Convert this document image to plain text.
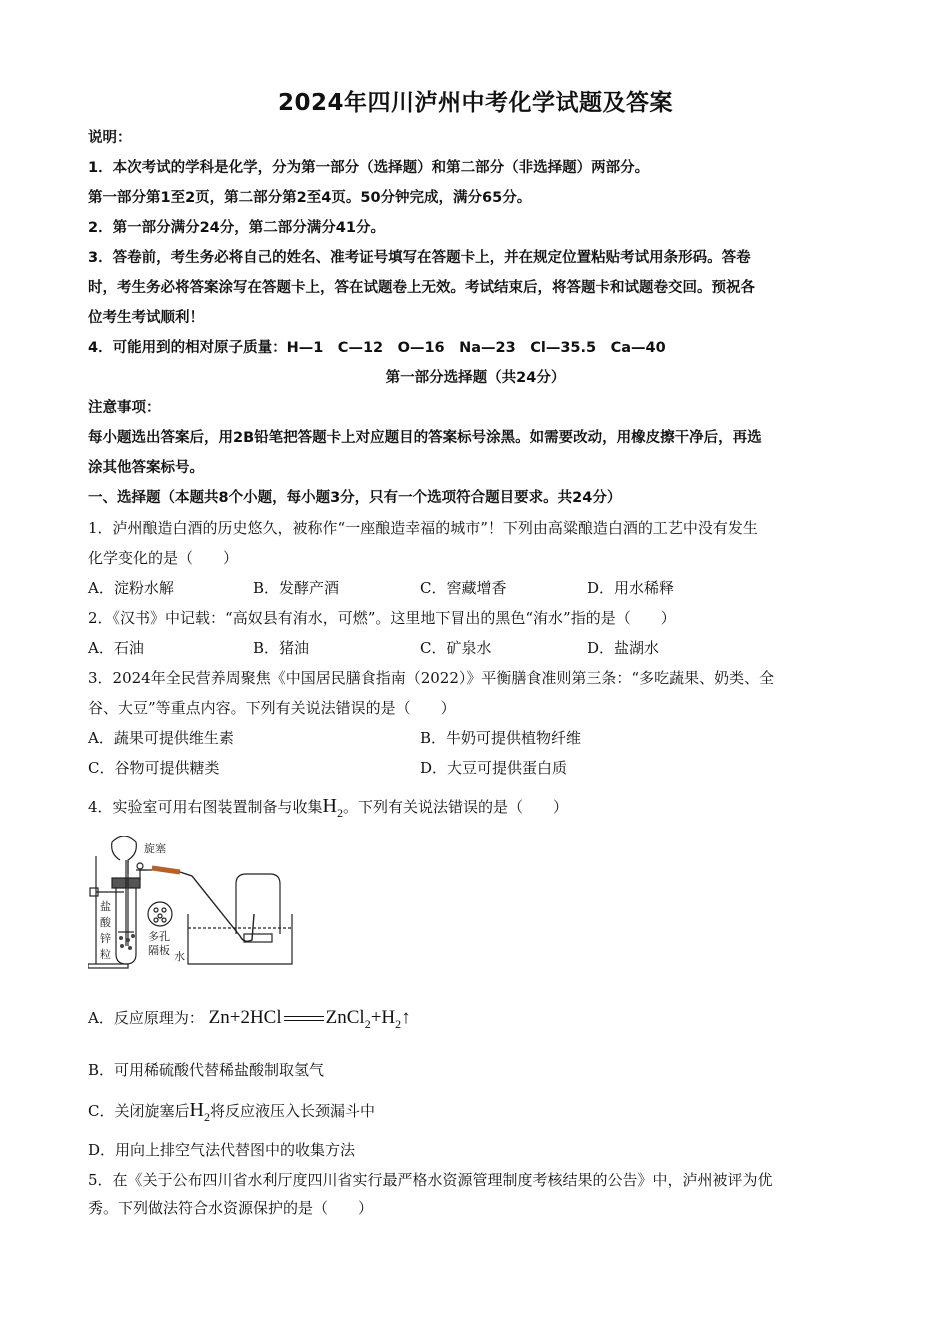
2024年四川泸州中考化学试题及答案
说明：
1．本次考试的学科是化学，分为第一部分（选择题）和第二部分（非选择题）两部分。
第一部分第1至2页，第二部分第2至4页。50分钟完成，满分65分。
2．第一部分满分24分，第二部分满分41分。
3．答卷前，考生务必将自己的姓名、准考证号填写在答题卡上，并在规定位置粘贴考试用条形码。答卷
时，考生务必将答案涂写在答题卡上，答在试题卷上无效。考试结束后，将答题卡和试题卷交回。预祝各
位考生考试顺利！
4．可能用到的相对原子质量：H—1　C—12　O—16　Na—23　Cl—35.5　Ca—40
第一部分选择题（共24分）
注意事项：
每小题选出答案后，用2B铅笔把答题卡上对应题目的答案标号涂黑。如需要改动，用橡皮擦干净后，再选
涂其他答案标号。
一、选择题（本题共8个小题，每小题3分，只有一个选项符合题目要求。共24分）
1．泸州酿造白酒的历史悠久，被称作“一座酿造幸福的城市”！下列由高粱酿造白酒的工艺中没有发生
化学变化的是（　　）
A．淀粉水解	B．发酵产酒	C．窖藏增香	D．用水稀释
2．《汉书》中记载：“高奴县有洧水，可燃”。这里地下冒出的黑色“洧水”指的是（　　）
A．石油	B．猪油	C．矿泉水	D．盐湖水
3．2024年全民营养周聚焦《中国居民膳食指南（2022）》平衡膳食准则第三条：“多吃蔬果、奶类、全
谷、大豆”等重点内容。下列有关说法错误的是（　　）
A．蔬果可提供维生素	B．牛奶可提供植物纤维
C．谷物可提供糖类	D．大豆可提供蛋白质
4．实验室可用右图装置制备与收集$H_2$。下列有关说法错误的是（　　）
旋塞
盐
酸
锌
粒
多孔
隔板 水
A．反应原理为： Zn+2HCl $ZnCl_2+H_2↑$
B．可用稀硫酸代替稀盐酸制取氢气
C．关闭旋塞后$H_2$将反应液压入长颈漏斗中
D．用向上排空气法代替图中的收集方法
5．在《关于公布四川省水利厅度四川省实行最严格水资源管理制度考核结果的公告》中，泸州被评为优
秀。下列做法符合水资源保护的是（　　）
